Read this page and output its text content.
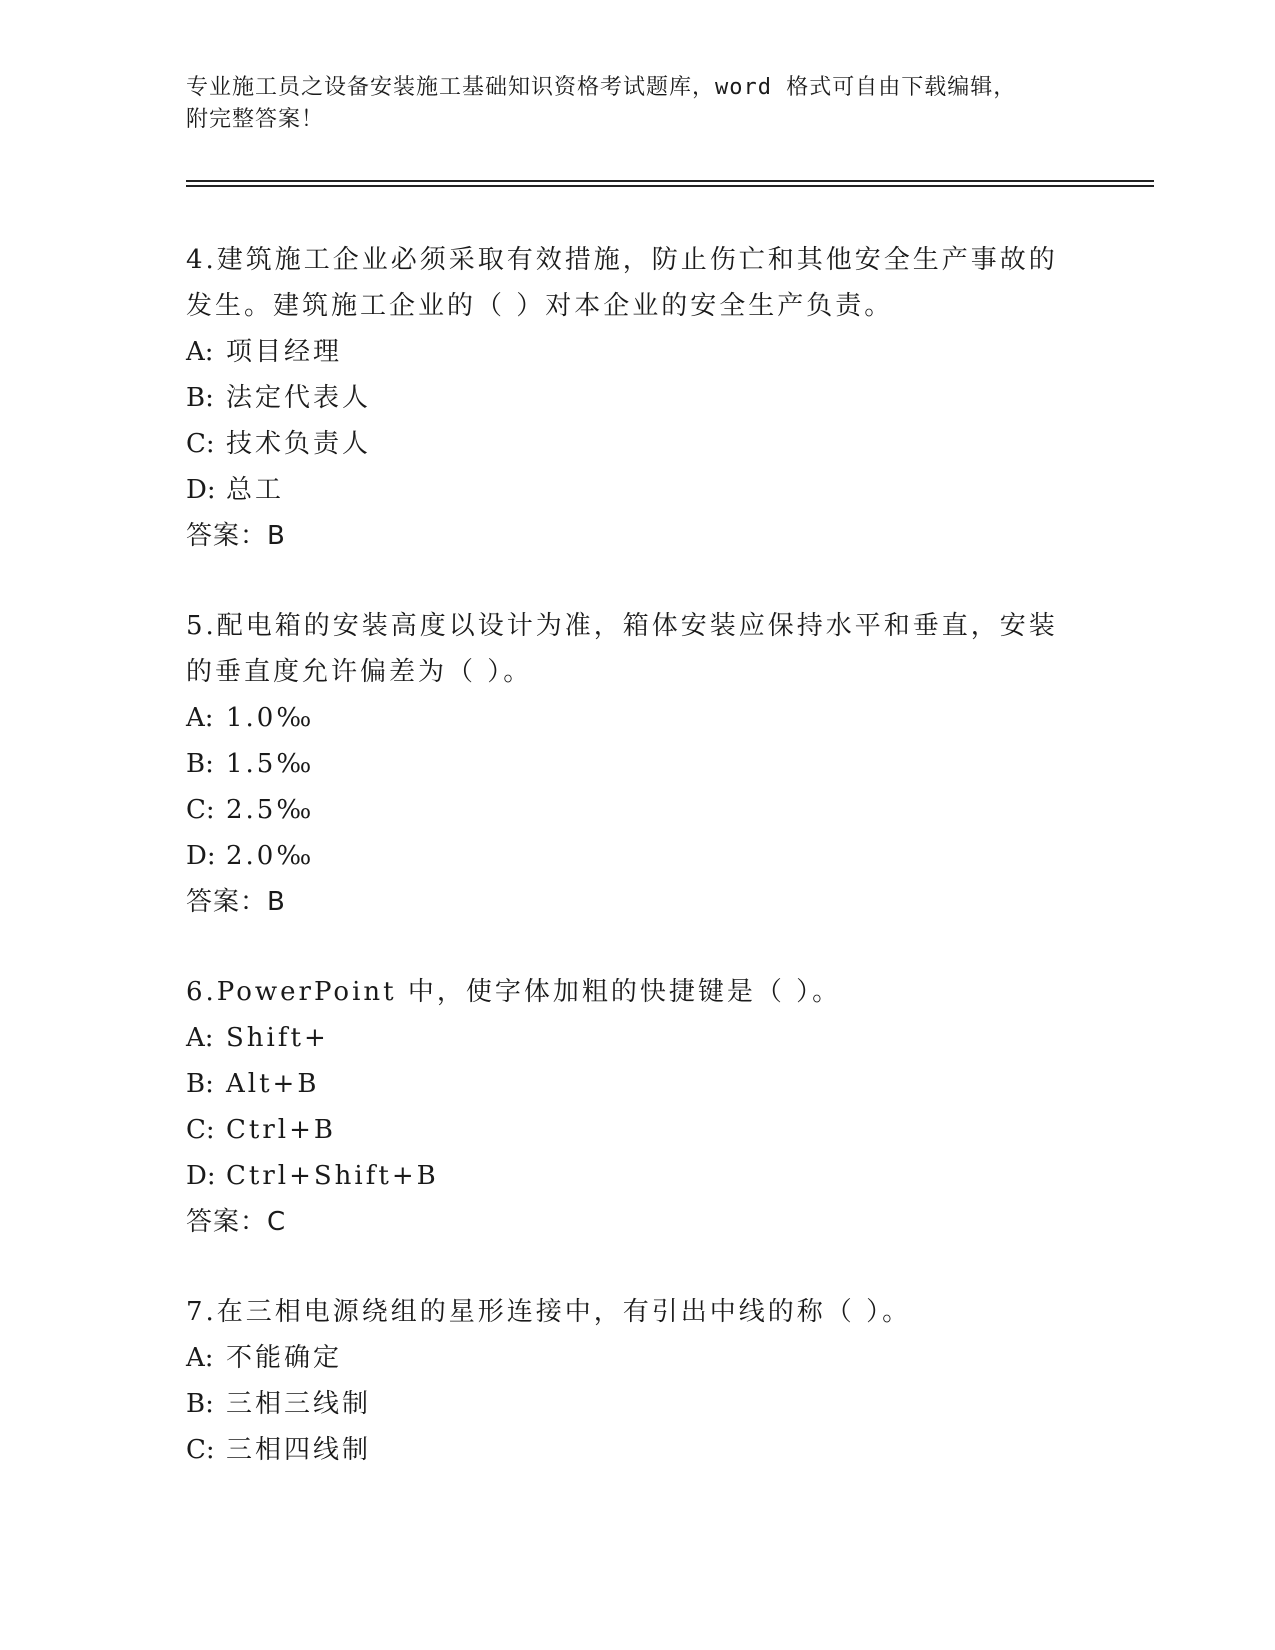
专业施工员之设备安装施工基础知识资格考试题库，word 格式可自由下载编辑，
附完整答案！
4.建筑施工企业必须采取有效措施，防止伤亡和其他安全生产事故的
发生。建筑施工企业的（ ）对本企业的安全生产负责。
A: 项目经理
B: 法定代表人
C: 技术负责人
D: 总工
答案：B
5.配电箱的安装高度以设计为准，箱体安装应保持水平和垂直，安装
的垂直度允许偏差为（ ）。
A: 1.0‰
B: 1.5‰
C: 2.5‰
D: 2.0‰
答案：B
6.PowerPoint 中，使字体加粗的快捷键是（ ）。
A: Shift+
B: Alt+B
C: Ctrl+B
D: Ctrl+Shift+B
答案：C
7.在三相电源绕组的星形连接中，有引出中线的称（ ）。
A: 不能确定
B: 三相三线制
C: 三相四线制
